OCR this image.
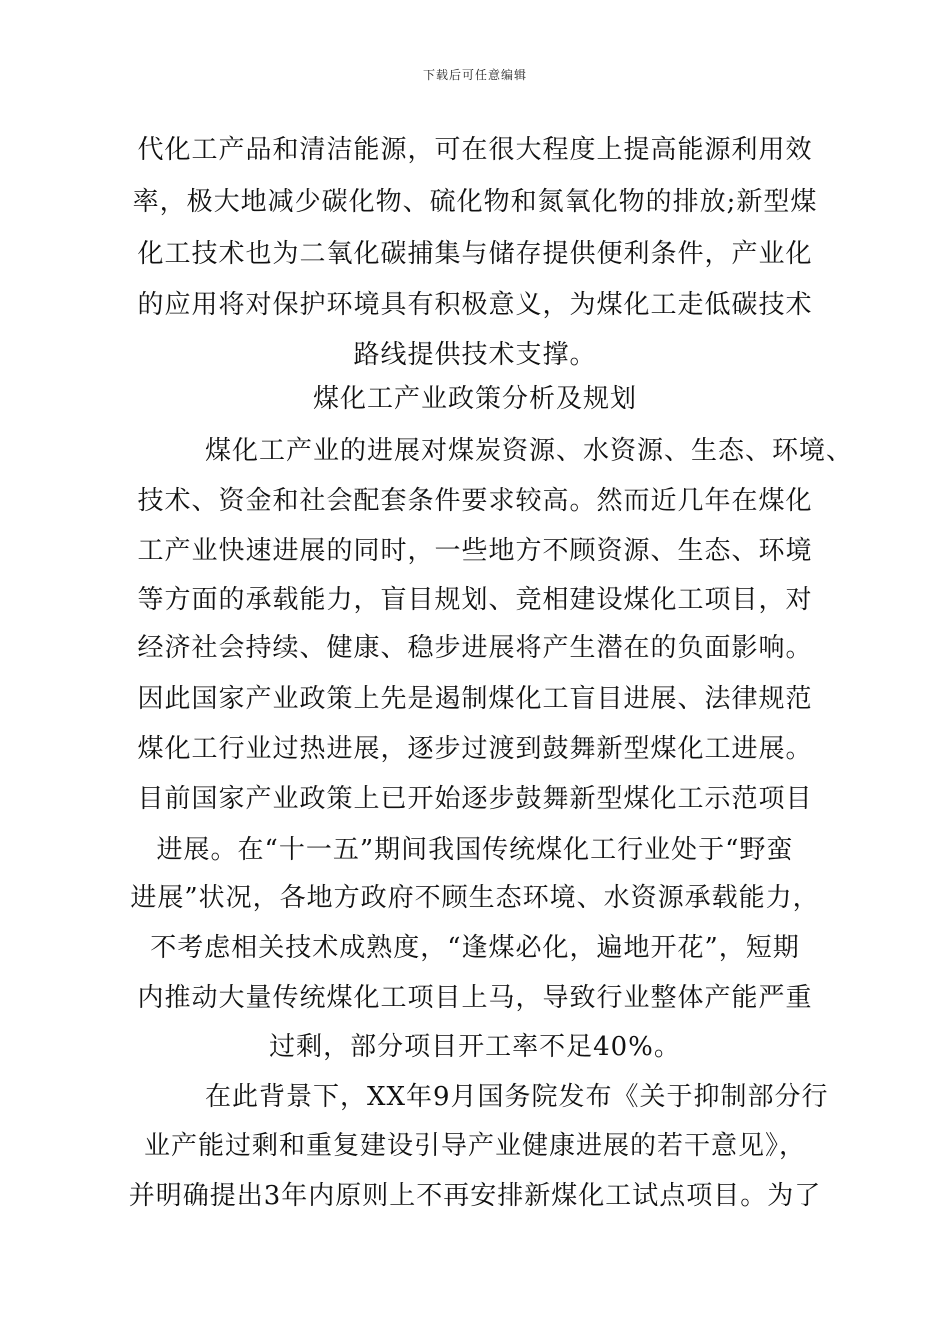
下载后可任意编辑
代化工产品和清洁能源，可在很大程度上提高能源利用效
率，极大地减少碳化物、硫化物和氮氧化物的排放;新型煤
化工技术也为二氧化碳捕集与储存提供便利条件，产业化
的应用将对保护环境具有积极意义，为煤化工走低碳技术
路线提供技术支撑。
煤化工产业政策分析及规划
煤化工产业的进展对煤炭资源、水资源、生态、环境、
技术、资金和社会配套条件要求较高。然而近几年在煤化
工产业快速进展的同时，一些地方不顾资源、生态、环境
等方面的承载能力，盲目规划、竞相建设煤化工项目，对
经济社会持续、健康、稳步进展将产生潜在的负面影响。
因此国家产业政策上先是遏制煤化工盲目进展、法律规范
煤化工行业过热进展，逐步过渡到鼓舞新型煤化工进展。
目前国家产业政策上已开始逐步鼓舞新型煤化工示范项目
进展。在“十一五”期间我国传统煤化工行业处于“野蛮
进展”状况，各地方政府不顾生态环境、水资源承载能力，
不考虑相关技术成熟度，“逢煤必化，遍地开花”，短期
内推动大量传统煤化工项目上马，导致行业整体产能严重
过剩，部分项目开工率不足40%。
在此背景下，XX年9月国务院发布《关于抑制部分行
业产能过剩和重复建设引导产业健康进展的若干意见》，
并明确提出3年内原则上不再安排新煤化工试点项目。为了
